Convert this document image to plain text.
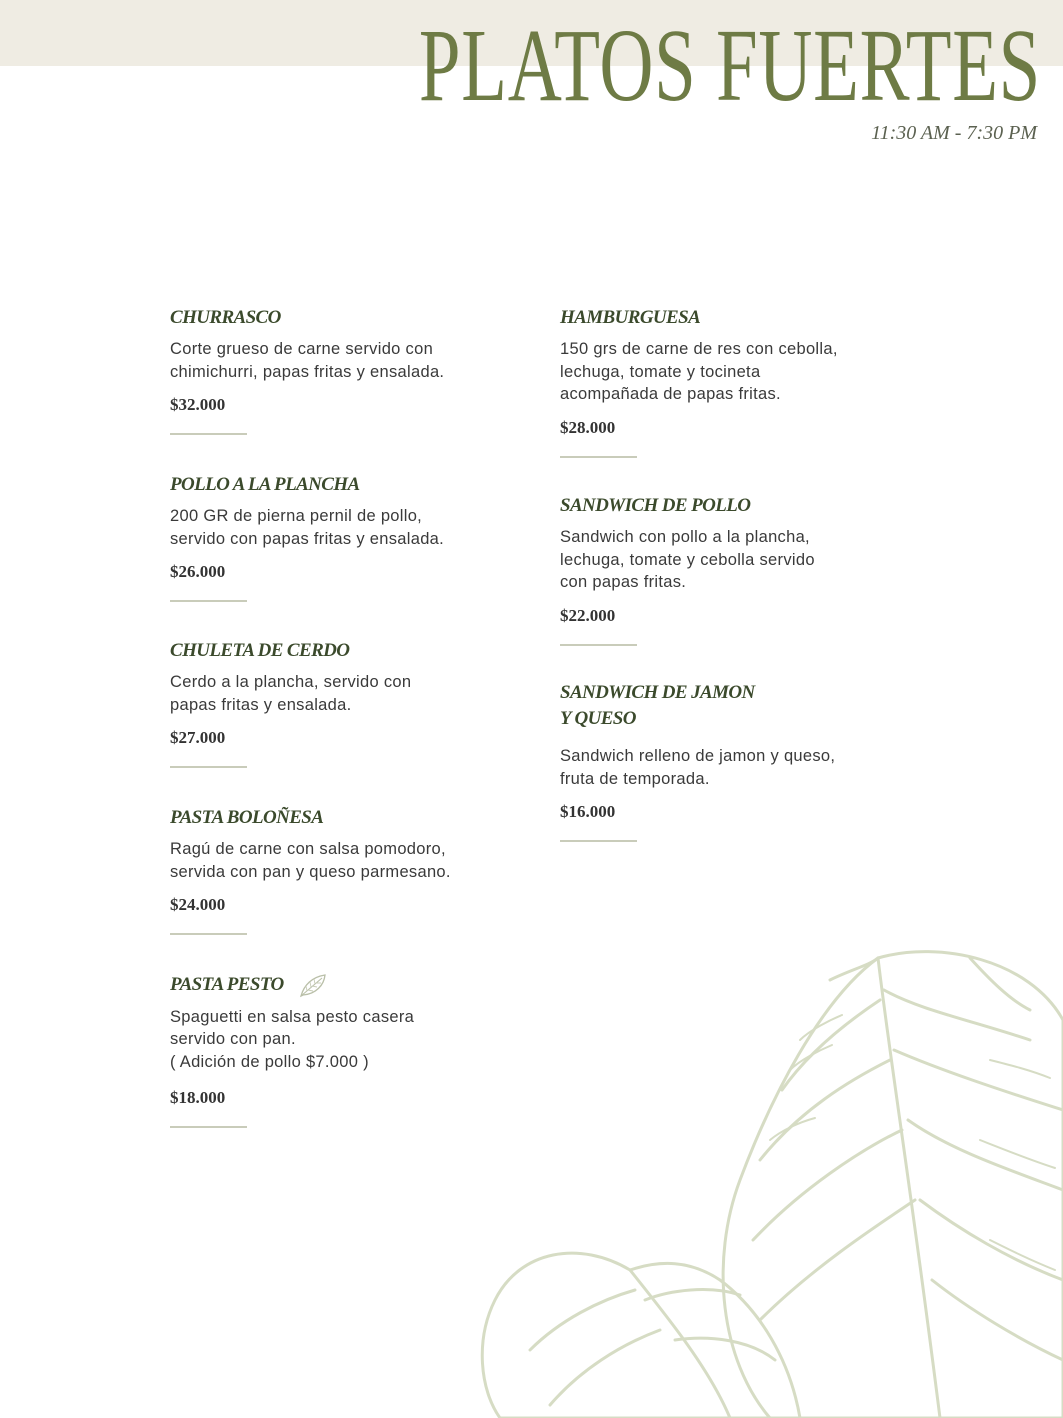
PLATOS FUERTES
11:30 AM - 7:30 PM
CHURRASCO
Corte grueso de carne servido con
chimichurri, papas fritas y ensalada.
$32.000
POLLO A LA PLANCHA
200 GR de pierna pernil de pollo,
servido con papas fritas y ensalada.
$26.000
CHULETA DE CERDO
Cerdo a la plancha, servido con
papas fritas y ensalada.
$27.000
PASTA BOLOÑESA
Ragú de carne con salsa pomodoro,
servida con pan y queso parmesano.
$24.000
PASTA PESTO
Spaguetti en salsa pesto casera
servido con pan.
( Adición de pollo $7.000 )
$18.000
HAMBURGUESA
150 grs de carne de res con cebolla,
lechuga, tomate y tocineta
acompañada de papas fritas.
$28.000
SANDWICH DE POLLO
Sandwich con pollo a la plancha,
lechuga, tomate y cebolla servido
con papas fritas.
$22.000
SANDWICH DE JAMON
Y QUESO
Sandwich relleno de jamon y queso,
fruta de temporada.
$16.000
